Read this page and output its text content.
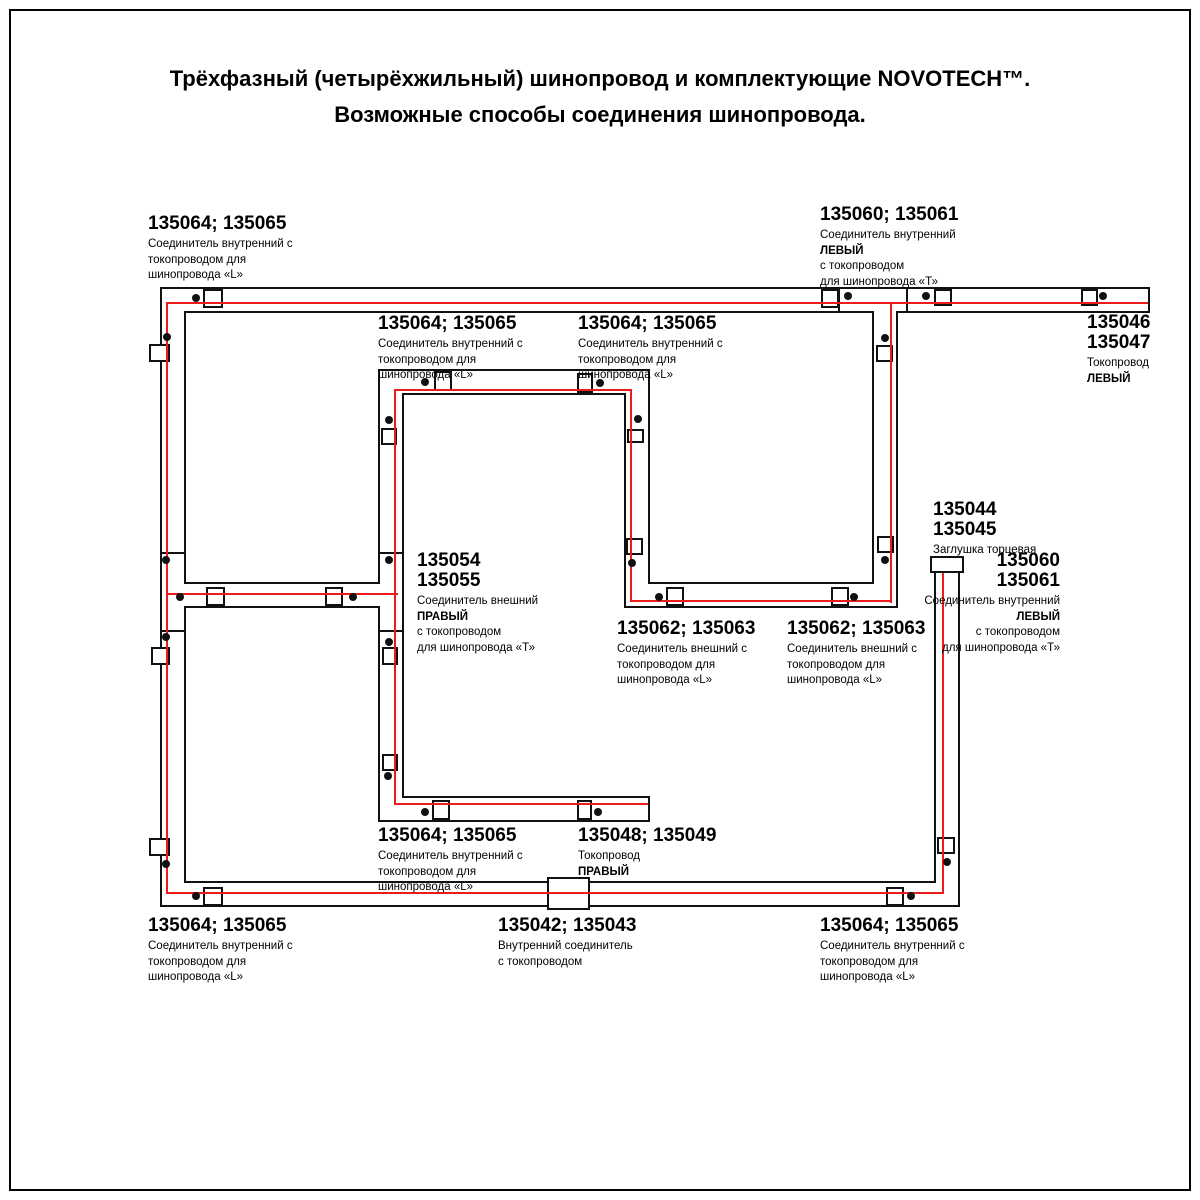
Трёхфазный (четырёхжильный) шинопровод и комплектующие NOVOTECH™.
Возможные способы соединения шинопровода.
135064; 135065
Соединитель внутренний с
токопроводом для
шинопровода «L»
135060; 135061
Соединитель внутренний
ЛЕВЫЙ
с токопроводом
для шинопровода «Т»
135046
135047
Токопровод
ЛЕВЫЙ
135064; 135065
Соединитель внутренний с
токопроводом для
шинопровода «L»
135064; 135065
Соединитель внутренний с
токопроводом для
шинопровода «L»
135060
135061
Соединитель внутренний
ЛЕВЫЙ
с токопроводом
для шинопровода «Т»
135054
135055
Соединитель внешний
ПРАВЫЙ
с токопроводом
для шинопровода «Т»
135062; 135063
Соединитель внешний с
токопроводом для
шинопровода «L»
135062; 135063
Соединитель внешний с
токопроводом для
шинопровода «L»
135044
135045
Заглушка торцевая
135064; 135065
Соединитель внутренний с
токопроводом для
шинопровода «L»
135048; 135049
Токопровод
ПРАВЫЙ
135064; 135065
Соединитель внутренний с
токопроводом для
шинопровода «L»
135042; 135043
Внутренний соединитель
с токопроводом
135064; 135065
Соединитель внутренний с
токопроводом для
шинопровода «L»
